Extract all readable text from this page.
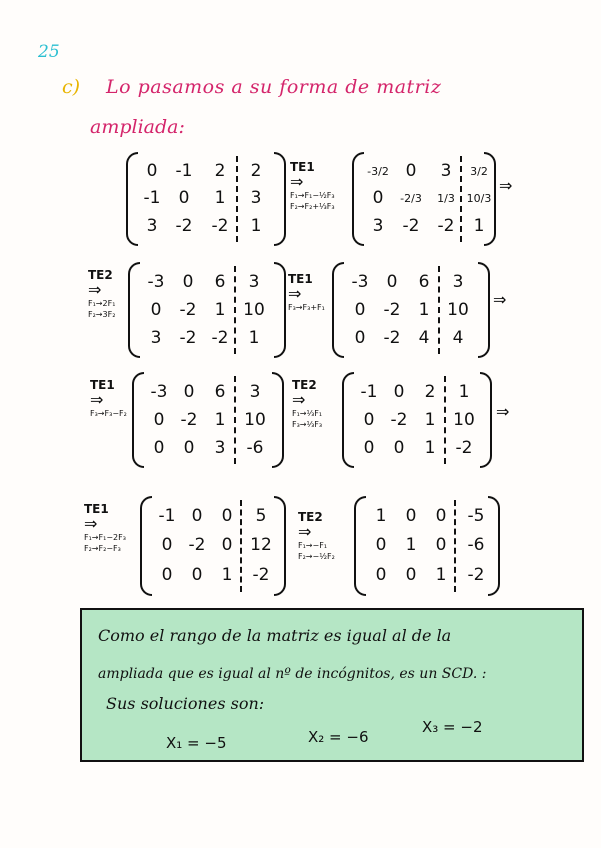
25
c) Lo pasamos a su forma de matriz
ampliada:
0 -1 2 2
-1 0 1 3
3 -2 -2 1
-3/2 0 3 3/2
0 -2/3 1/3 10/3
3 -2 -2 1
-3 0 6 3
0 -2 1 10
3 -2 -2 1
-3 0 6 3
0 -2 1 10
0 -2 4 4
-3 0 6 3
0 -2 1 10
0 0 3 -6
-1 0 2 1
0 -2 1 10
0 0 1 -2
-1 0 0 5
0 -2 0 12
0 0 1 -2
1 0 0 -5
0 1 0 -6
0 0 1 -2
TE1
⇒
F₁→F₁−½F₃
F₂→F₂+⅓F₃
TE2
⇒
F₁→2F₁
F₂→3F₂
TE1
⇒
F₃→F₃+F₁
TE1
⇒
F₃→F₃−F₂
TE2
⇒
F₁→⅓F₁
F₃→⅓F₃
TE1
⇒
F₁→F₁−2F₃
F₂→F₂−F₃
TE2
⇒
F₁→−F₁
F₂→−½F₂
⇒
⇒
⇒
Como el rango de la matriz es igual al de la
ampliada que es igual al nº de incógnitos, es un SCD. :
Sus soluciones son:
X₁ = −5	X₂ = −6
X₃ = −2
